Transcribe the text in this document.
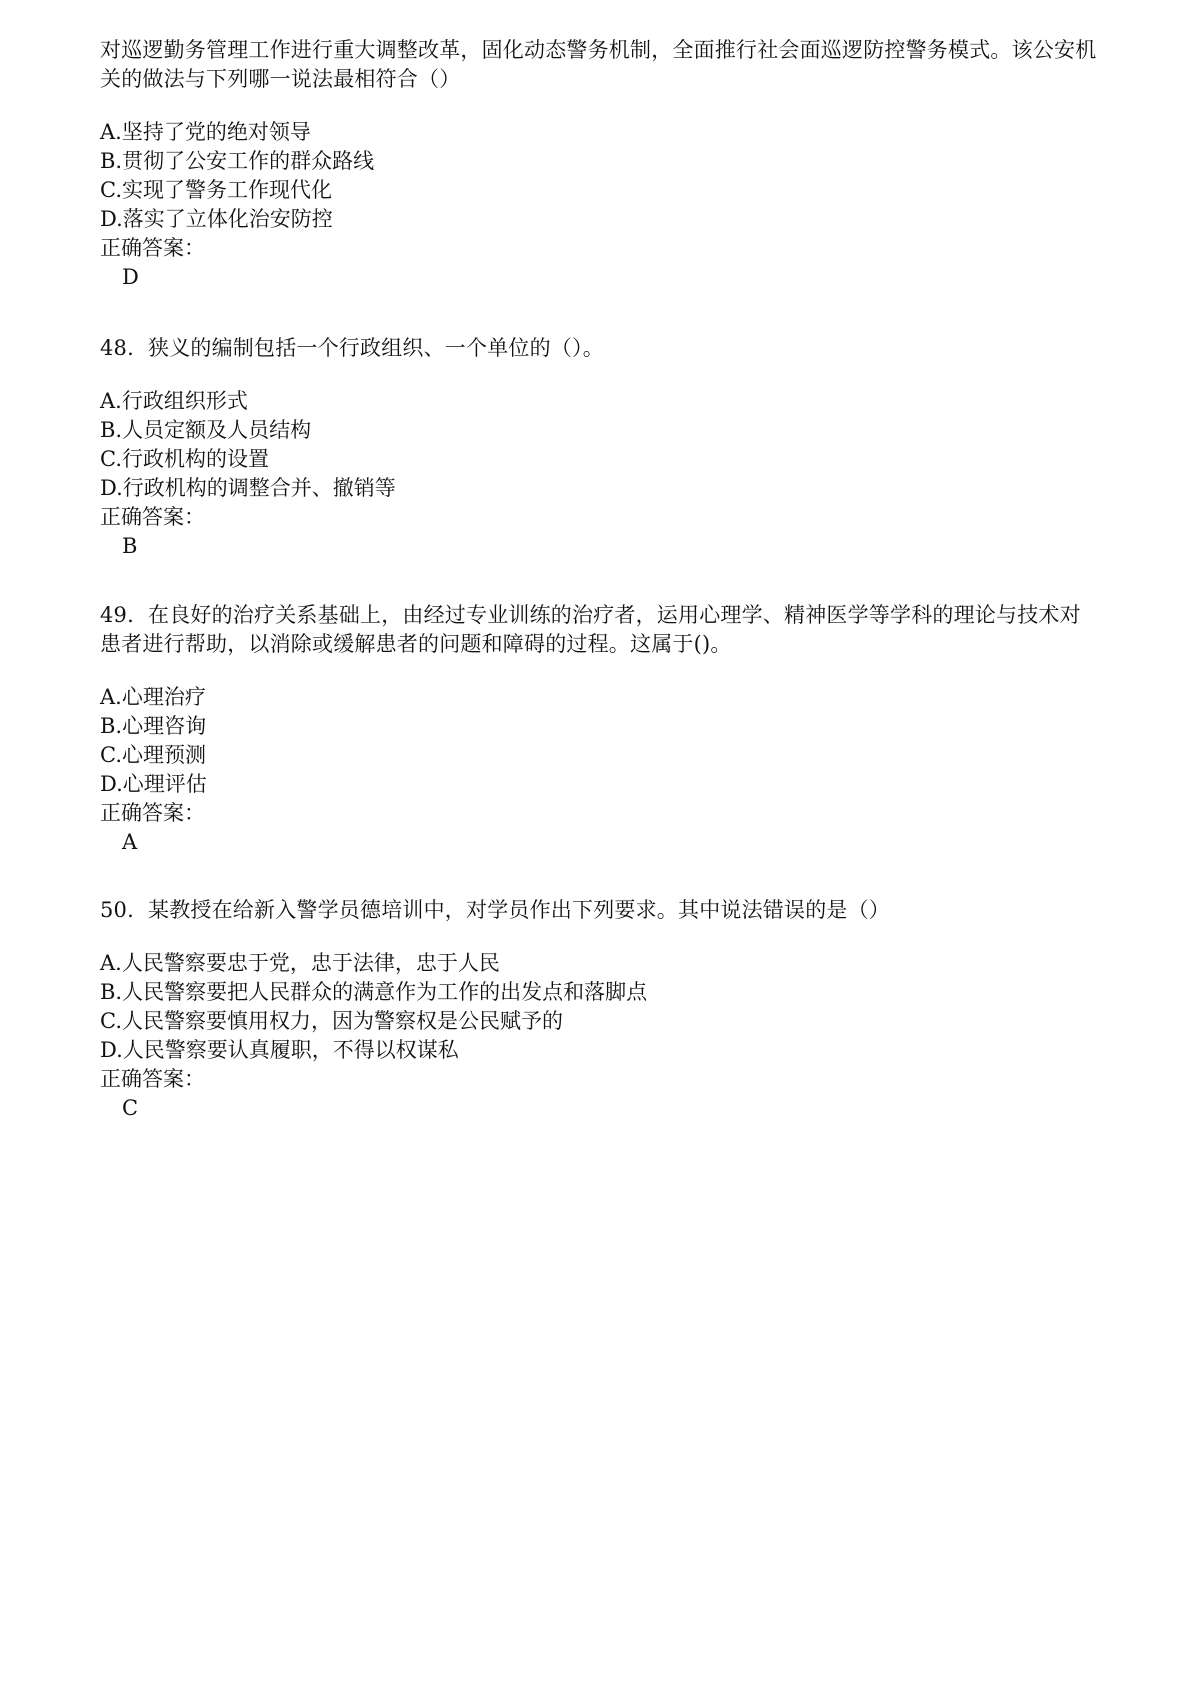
对巡逻勤务管理工作进行重大调整改革，固化动态警务机制，全面推行社会面巡逻防控警务模式。该公安机关的做法与下列哪一说法最相符合（）
A.坚持了党的绝对领导
B.贯彻了公安工作的群众路线
C.实现了警务工作现代化
D.落实了立体化治安防控
正确答案：
D
48. 狭义的编制包括一个行政组织、一个单位的（）。
A.行政组织形式
B.人员定额及人员结构
C.行政机构的设置
D.行政机构的调整合并、撤销等
正确答案：
B
49. 在良好的治疗关系基础上，由经过专业训练的治疗者，运用心理学、精神医学等学科的理论与技术对患者进行帮助，以消除或缓解患者的问题和障碍的过程。这属于()。
A.心理治疗
B.心理咨询
C.心理预测
D.心理评估
正确答案：
A
50. 某教授在给新入警学员德培训中，对学员作出下列要求。其中说法错误的是（）
A.人民警察要忠于党，忠于法律，忠于人民
B.人民警察要把人民群众的满意作为工作的出发点和落脚点
C.人民警察要慎用权力，因为警察权是公民赋予的
D.人民警察要认真履职，不得以权谋私
正确答案：
C
